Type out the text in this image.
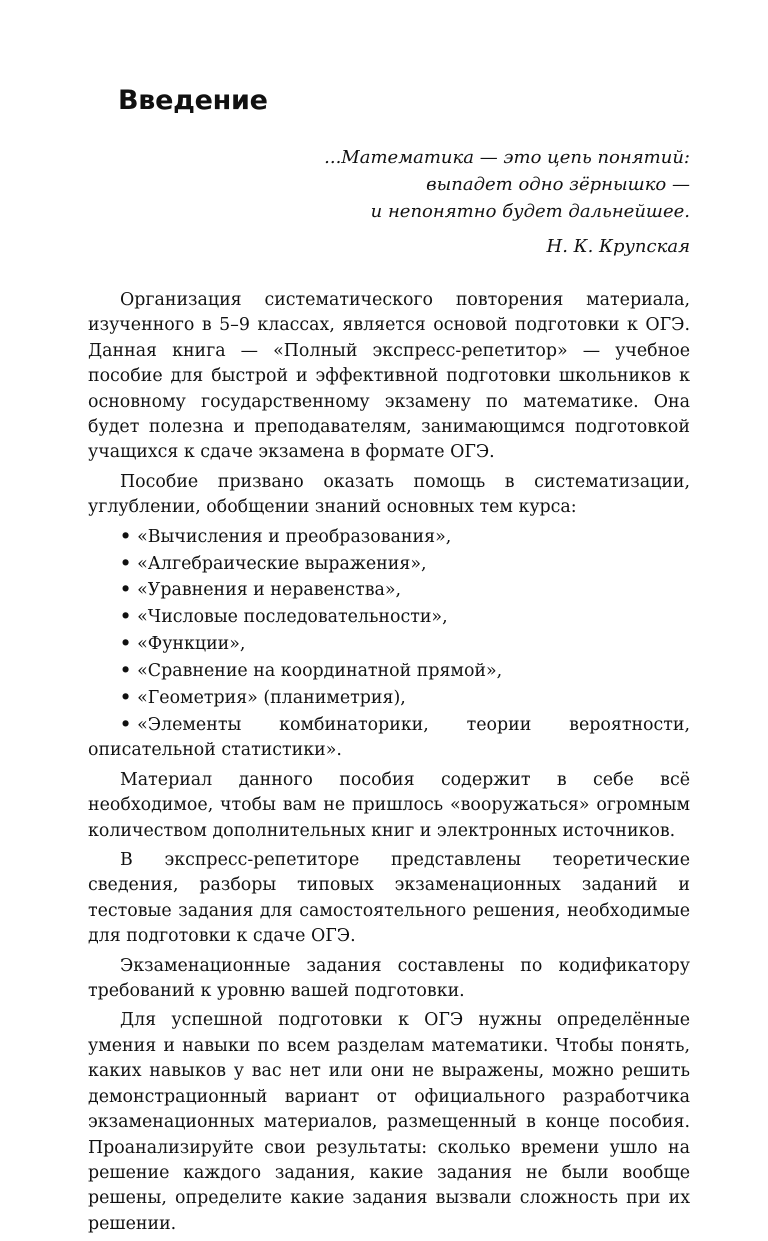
Введение
...Математика — это цепь понятий:
выпадет одно зёрнышко —
и непонятно будет дальнейшее.
Н. К. Крупская

Организация систематического повторения материала, изученного в 5–9 классах, является основой подготовки к ОГЭ. Данная книга — «Полный экспресс-репетитор» — учебное пособие для быстрой и эффективной подготовки школьников к основному государственному экзамену по математике. Она будет полезна и преподавателям, занимающимся подготовкой учащихся к сдаче экзамена в формате ОГЭ.

Пособие призвано оказать помощь в систематизации, углублении, обобщении знаний основных тем курса:

• «Вычисления и преобразования»,
• «Алгебраические выражения»,
• «Уравнения и неравенства»,
• «Числовые последовательности»,
• «Функции»,
• «Сравнение на координатной прямой»,
• «Геометрия» (планиметрия),
• «Элементы комбинаторики, теории вероятности, описательной статистики».

Материал данного пособия содержит в себе всё необходимое, чтобы вам не пришлось «вооружаться» огромным количеством дополнительных книг и электронных источников.

В экспресс-репетиторе представлены теоретические сведения, разборы типовых экзаменационных заданий и тестовые задания для самостоятельного решения, необходимые для подготовки к сдаче ОГЭ.

Экзаменационные задания составлены по кодификатору требований к уровню вашей подготовки.

Для успешной подготовки к ОГЭ нужны определённые умения и навыки по всем разделам математики. Чтобы понять, каких навыков у вас нет или они не выражены, можно решить демонстрационный вариант от официального разработчика экзаменационных материалов, размещенный в конце пособия. Проанализируйте свои результаты: сколько времени ушло на решение каждого задания, какие задания не были вообще решены, определите какие задания вызвали сложность при их решении.
